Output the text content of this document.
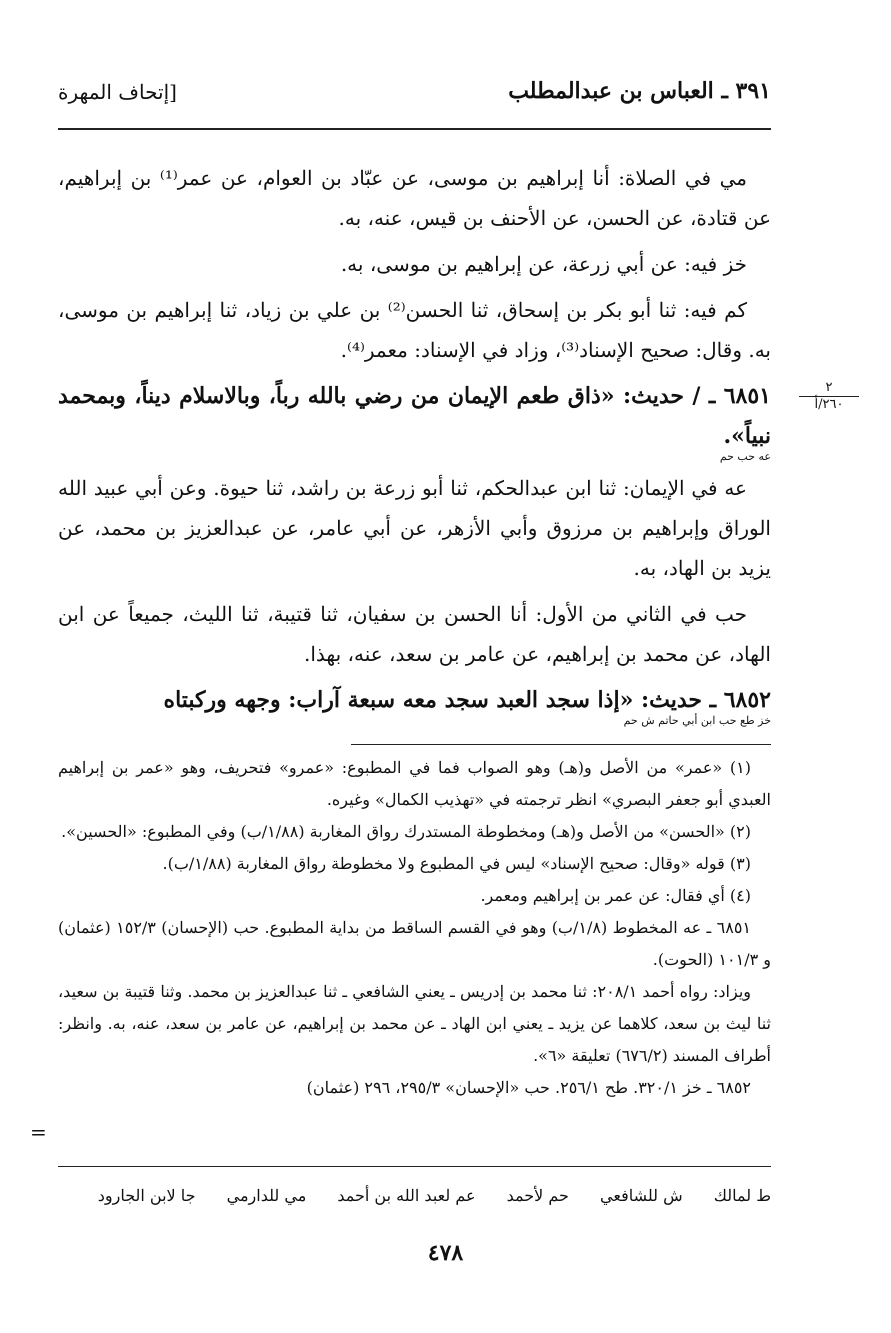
٣٩١ ـ العباس بن عبدالمطلب
[إتحاف المهرة
٢
٢٦٠/أ

مي في الصلاة: أنا إبراهيم بن موسى، عن عبّاد بن العوام، عن عمر⁽¹⁾ بن إبراهيم، عن قتادة، عن الحسن، عن الأحنف بن قيس، عنه، به.

خز فيه: عن أبي زرعة، عن إبراهيم بن موسى، به.

كم فيه: ثنا أبو بكر بن إسحاق، ثنا الحسن⁽²⁾ بن علي بن زياد، ثنا إبراهيم بن موسى، به. وقال: صحيح الإسناد⁽³⁾، وزاد في الإسناد: معمر⁽⁴⁾.

٦٨٥١ ـ / حديث: «ذاق طعم الإيمان من رضي بالله رباً، وبالاسلام ديناً، وبمحمد نبياً».

عه حب حم

عه في الإيمان: ثنا ابن عبدالحكم، ثنا أبو زرعة بن راشد، ثنا حيوة. وعن أبي عبيد الله الوراق وإبراهيم بن مرزوق وأبي الأزهر، عن أبي عامر، عن عبدالعزيز بن محمد، عن يزيد بن الهاد، به.

حب في الثاني من الأول: أنا الحسن بن سفيان، ثنا قتيبة، ثنا الليث، جميعاً عن ابن الهاد، عن محمد بن إبراهيم، عن عامر بن سعد، عنه، بهذا.

٦٨٥٢ ـ حديث: «إذا سجد العبد سجد معه سبعة آراب: وجهه وركبتاه

خز طع حب ابن أبي حاتم ش حم

(١) «عمر» من الأصل و(هـ) وهو الصواب فما في المطبوع: «عمرو» فتحريف، وهو «عمر بن إبراهيم العبدي أبو جعفر البصري» انظر ترجمته في «تهذيب الكمال» وغيره.

(٢) «الحسن» من الأصل و(هـ) ومخطوطة المستدرك رواق المغاربة (١/٨٨/ب) وفي المطبوع: «الحسين».

(٣) قوله «وقال: صحيح الإسناد» ليس في المطبوع ولا مخطوطة رواق المغاربة (١/٨٨/ب).

(٤) أي فقال: عن عمر بن إبراهيم ومعمر.

٦٨٥١ ـ عه المخطوط (١/٨/ب) وهو في القسم الساقط من بداية المطبوع. حب (الإحسان) ١٥٢/٣ (عثمان) و ١٠١/٣ (الحوت).

ويزاد: رواه أحمد ٢٠٨/١: ثنا محمد بن إدريس ـ يعني الشافعي ـ ثنا عبدالعزيز بن محمد. وثنا قتيبة بن سعيد، ثنا ليث بن سعد، كلاهما عن يزيد ـ يعني ابن الهاد ـ عن محمد بن إبراهيم، عن عامر بن سعد، عنه، به. وانظر: أطراف المسند (٦٧٦/٢) تعليقة «٦».

٦٨٥٢ ـ خز ٣٢٠/١. طح ٢٥٦/١. حب «الإحسان» ٢٩٥/٣، ٢٩٦ (عثمان)

=
ط لمالك ش للشافعي حم لأحمد عم لعبد الله بن أحمد مي للدارمي جا لابن الجارود
٤٧٨
